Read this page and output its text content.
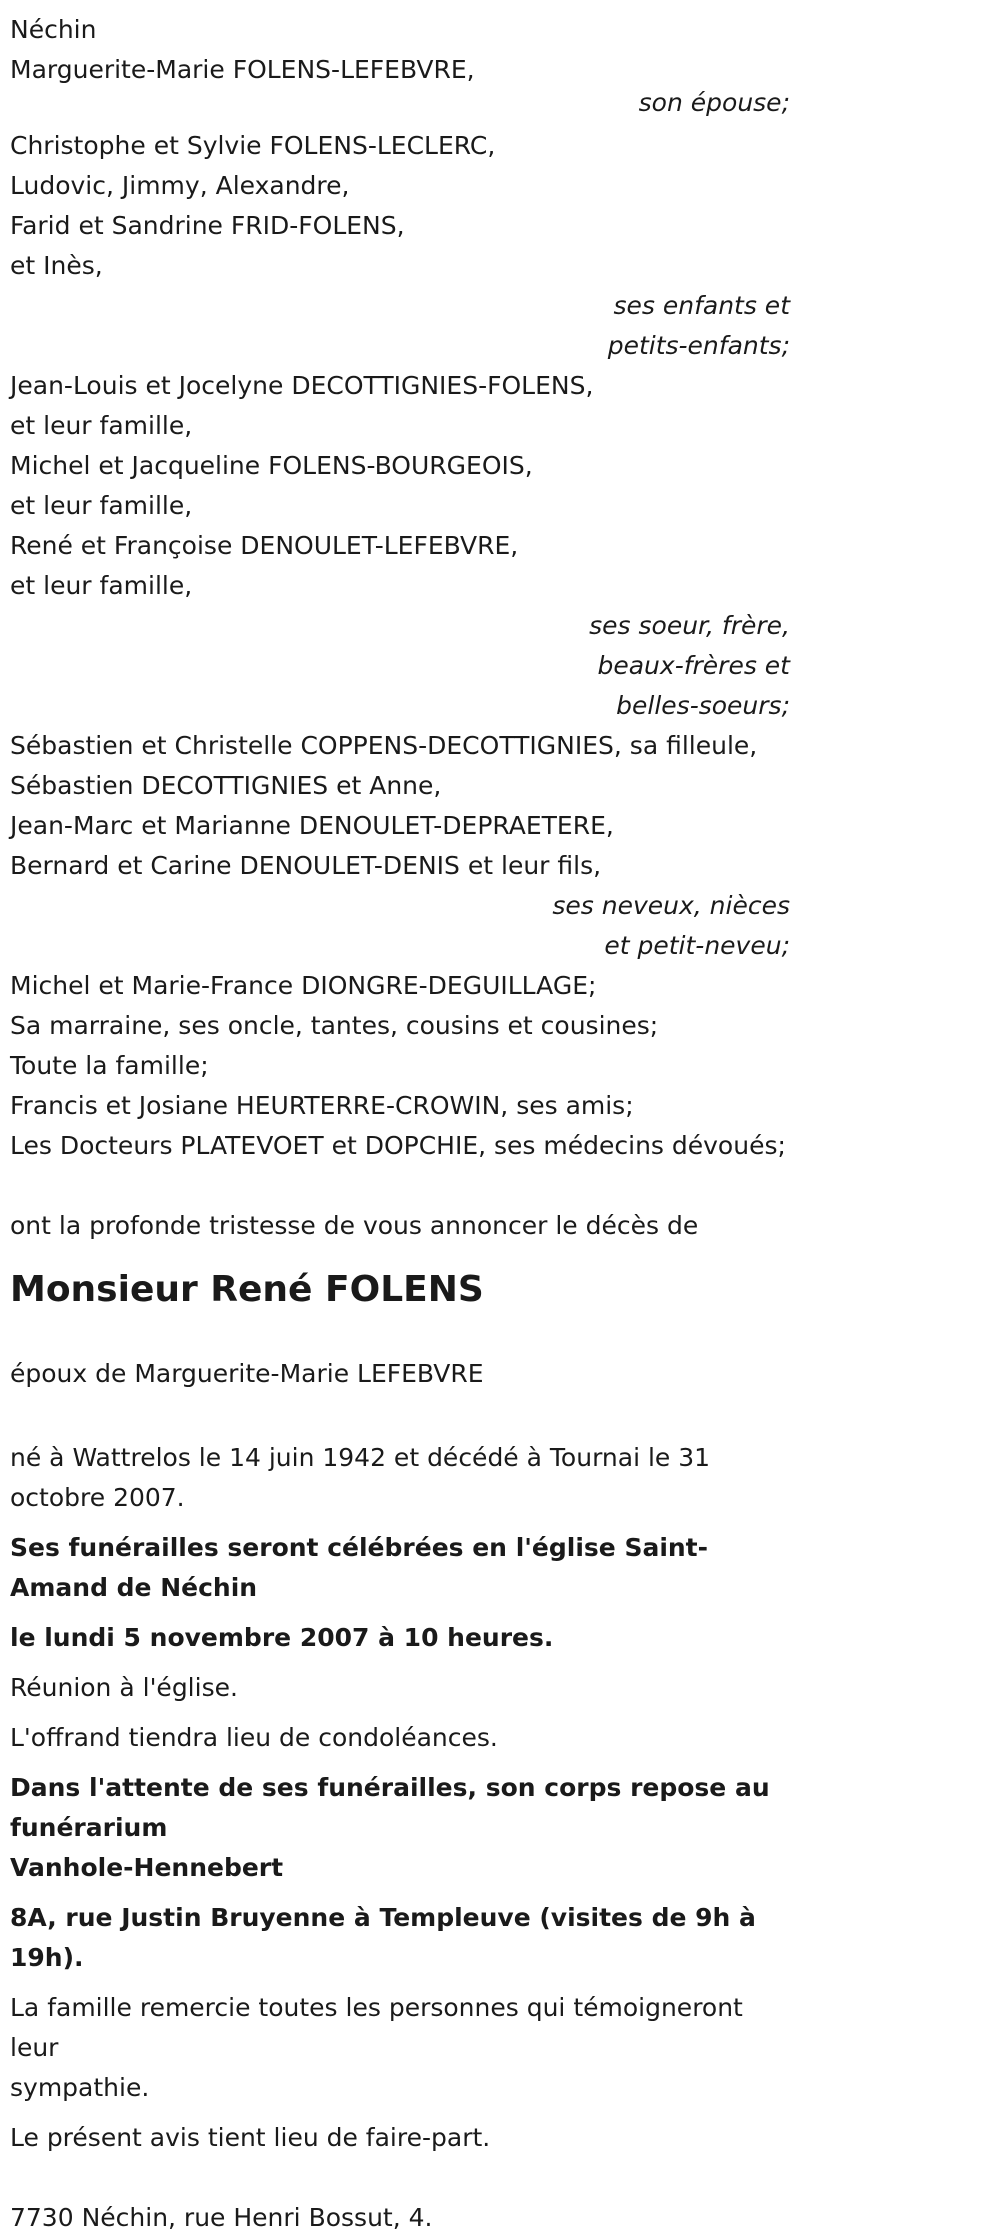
Néchin
Marguerite-Marie FOLENS-LEFEBVRE,
son épouse;
Christophe et Sylvie FOLENS-LECLERC,
Ludovic, Jimmy, Alexandre,
Farid et Sandrine FRID-FOLENS,
et Inès,
ses enfants et
petits-enfants;
Jean-Louis et Jocelyne DECOTTIGNIES-FOLENS,
et leur famille,
Michel et Jacqueline FOLENS-BOURGEOIS,
et leur famille,
René et Françoise DENOULET-LEFEBVRE,
et leur famille,
ses soeur, frère,
beaux-frères et
belles-soeurs;
Sébastien et Christelle COPPENS-DECOTTIGNIES, sa filleule,
Sébastien DECOTTIGNIES et Anne,
Jean-Marc et Marianne DENOULET-DEPRAETERE,
Bernard et Carine DENOULET-DENIS et leur fils,
ses neveux, nièces
et petit-neveu;
Michel et Marie-France DIONGRE-DEGUILLAGE;
Sa marraine, ses oncle, tantes, cousins et cousines;
Toute la famille;
Francis et Josiane HEURTERRE-CROWIN, ses amis;
Les Docteurs PLATEVOET et DOPCHIE, ses médecins dévoués;
ont la profonde tristesse de vous annoncer le décès de
Monsieur René FOLENS
époux de Marguerite-Marie LEFEBVRE
né à Wattrelos le 14 juin 1942 et décédé à Tournai le 31 octobre 2007.
Ses funérailles seront célébrées en l'église Saint-Amand de Néchin
le lundi 5 novembre 2007 à 10 heures.
Réunion à l'église.
L'offrand tiendra lieu de condoléances.
Dans l'attente de ses funérailles, son corps repose au funérarium
Vanhole-Hennebert
8A, rue Justin Bruyenne à Templeuve (visites de 9h à 19h).
La famille remercie toutes les personnes qui témoigneront leur
sympathie.
Le présent avis tient lieu de faire-part.
7730 Néchin, rue Henri Bossut, 4.
